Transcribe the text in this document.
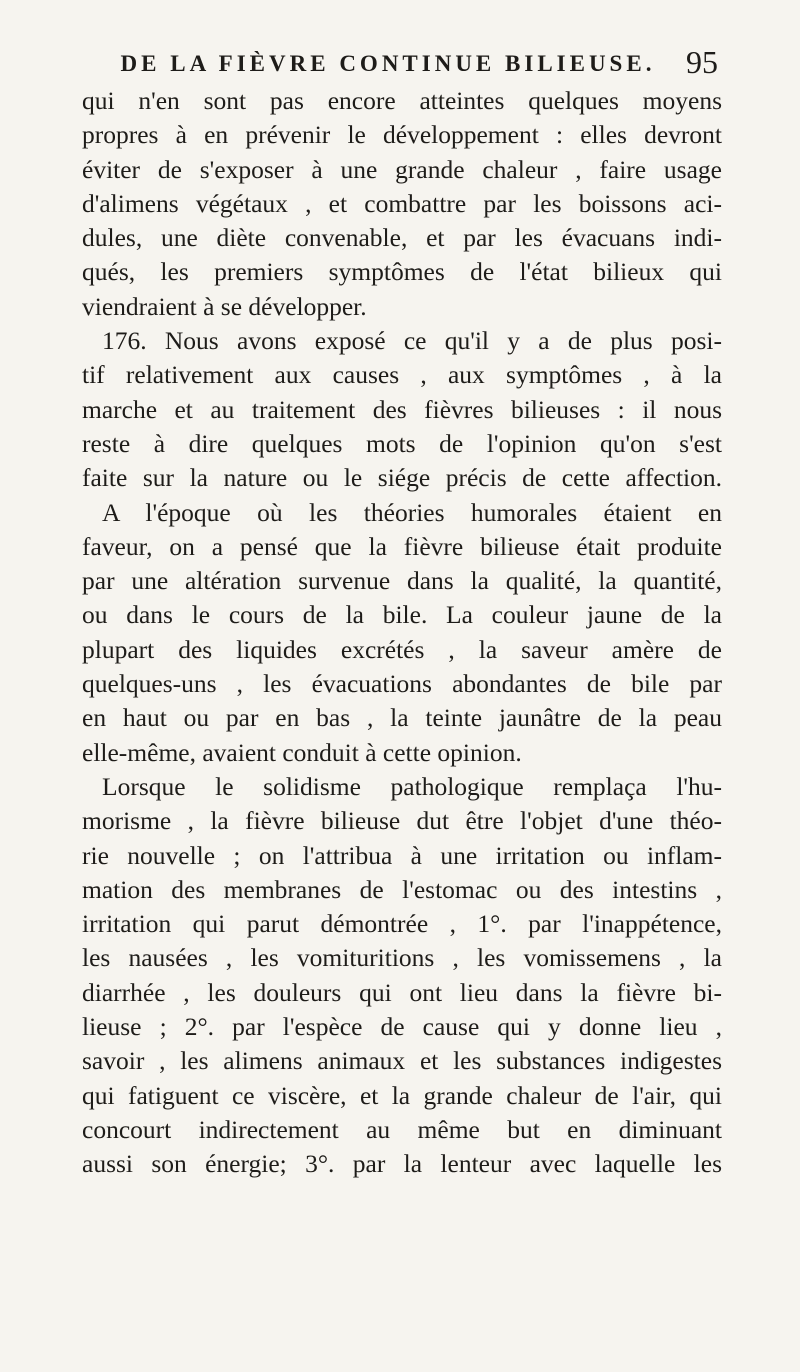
DE LA FIÈVRE CONTINUE BILIEUSE. 95
qui n'en sont pas encore atteintes quelques moyens
propres à en prévenir le développement : elles devront
éviter de s'exposer à une grande chaleur , faire usage
d'alimens végétaux , et combattre par les boissons aci-
dules, une diète convenable, et par les évacuans indi-
qués, les premiers symptômes de l'état bilieux qui
viendraient à se développer.
176. Nous avons exposé ce qu'il y a de plus posi-
tif relativement aux causes , aux symptômes , à la
marche et au traitement des fièvres bilieuses : il nous
reste à dire quelques mots de l'opinion qu'on s'est
faite sur la nature ou le siége précis de cette affection.
A l'époque où les théories humorales étaient en
faveur, on a pensé que la fièvre bilieuse était produite
par une altération survenue dans la qualité, la quantité,
ou dans le cours de la bile. La couleur jaune de la
plupart des liquides excrétés , la saveur amère de
quelques-uns , les évacuations abondantes de bile par
en haut ou par en bas , la teinte jaunâtre de la peau
elle-même, avaient conduit à cette opinion.
Lorsque le solidisme pathologique remplaça l'hu-
morisme , la fièvre bilieuse dut être l'objet d'une théo-
rie nouvelle ; on l'attribua à une irritation ou inflam-
mation des membranes de l'estomac ou des intestins ,
irritation qui parut démontrée , 1°. par l'inappétence,
les nausées , les vomituritions , les vomissemens , la
diarrhée , les douleurs qui ont lieu dans la fièvre bi-
lieuse ; 2°. par l'espèce de cause qui y donne lieu ,
savoir , les alimens animaux et les substances indigestes
qui fatiguent ce viscère, et la grande chaleur de l'air, qui
concourt indirectement au même but en diminuant
aussi son énergie; 3°. par la lenteur avec laquelle les
